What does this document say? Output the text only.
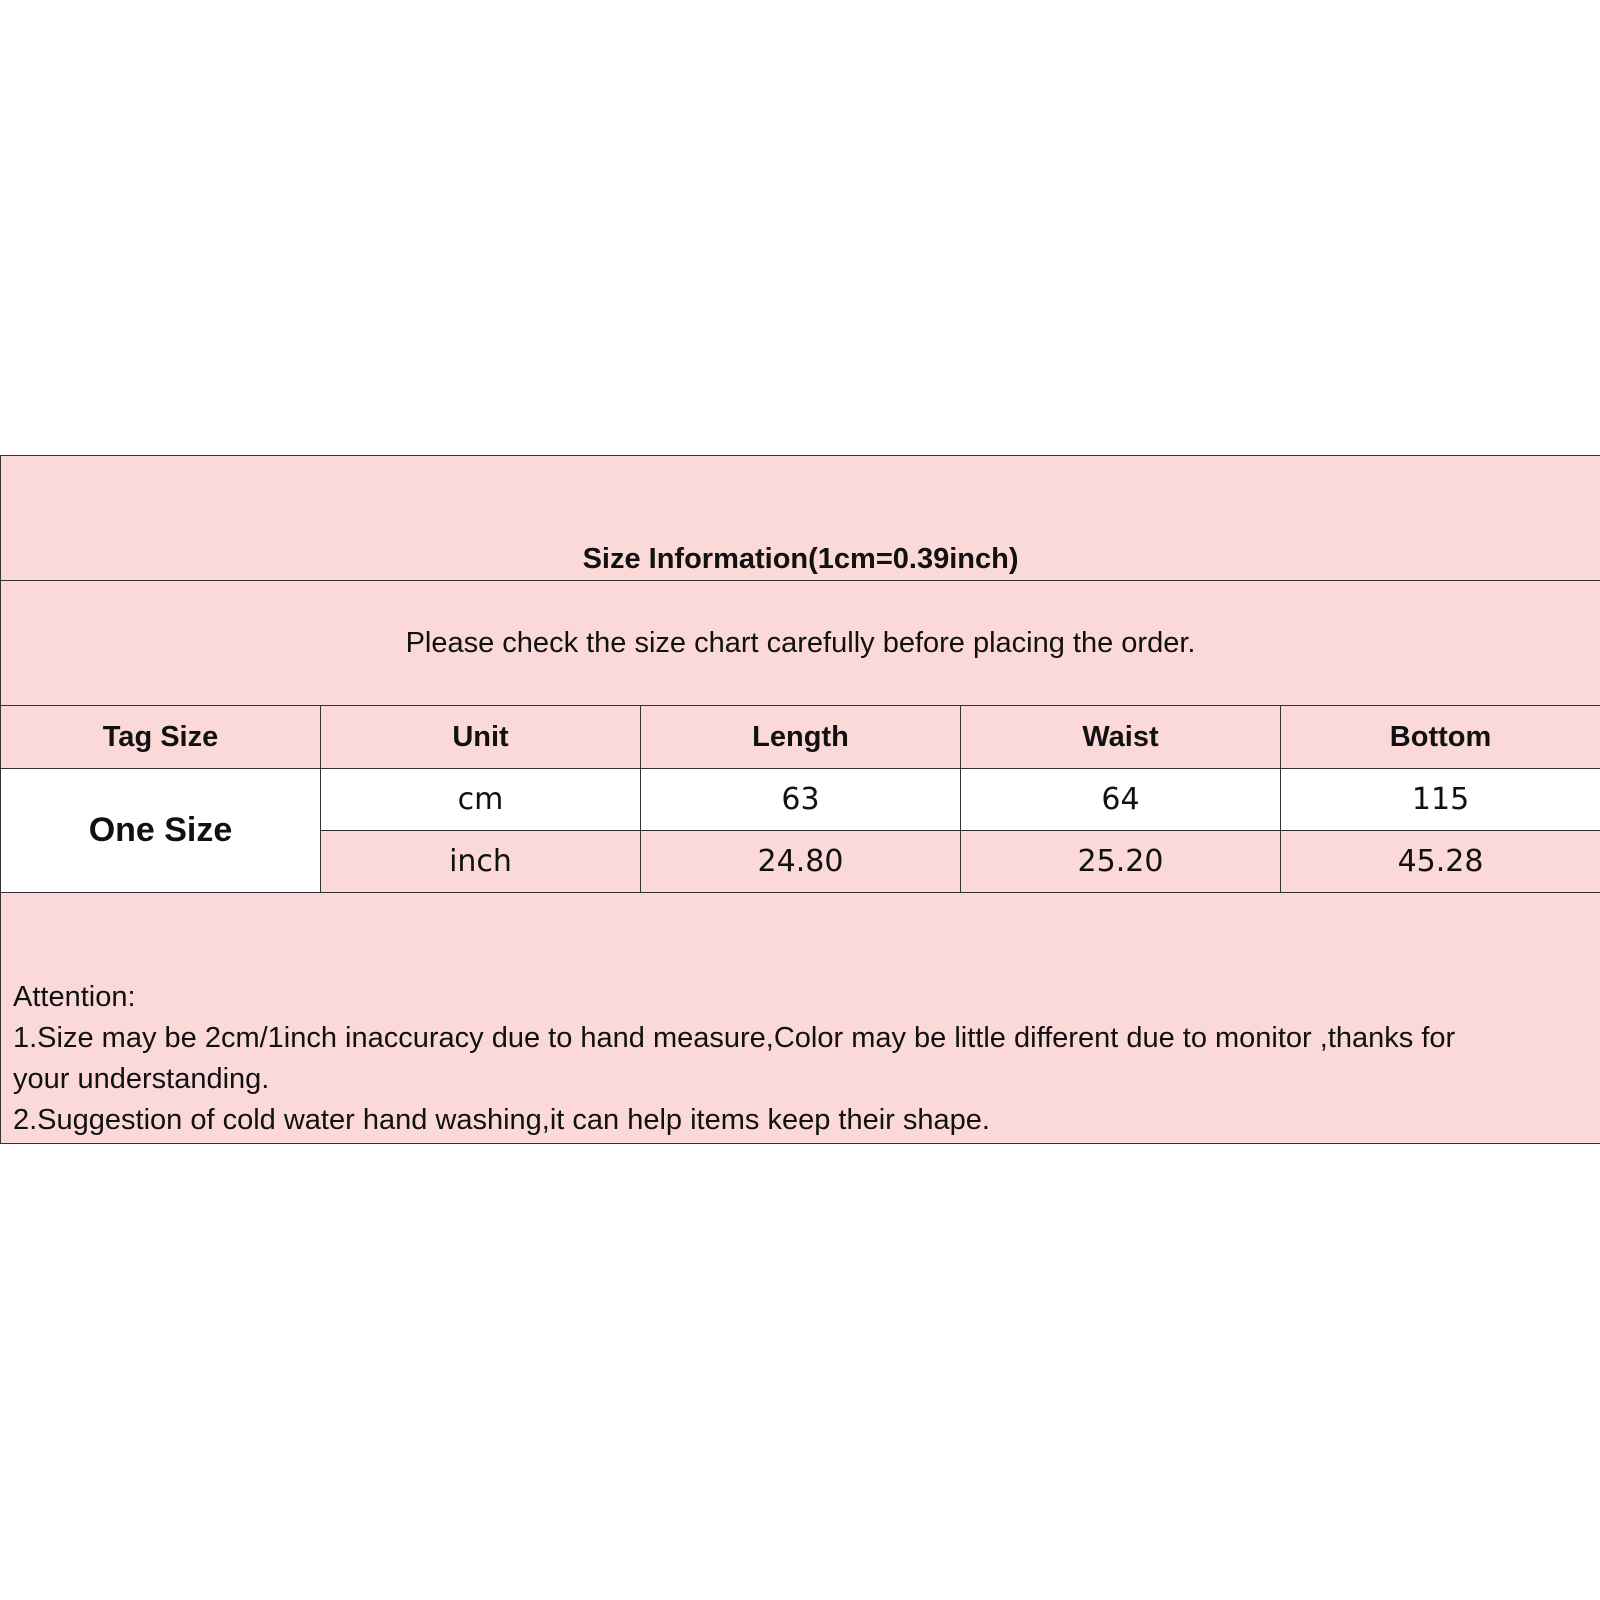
Size Information(1cm=0.39inch)				

Please check the size chart carefully before placing the order.				
Tag Size	Unit	Length	Waist	Bottom
One Size	cm	63	64	115
	inch	24.80	25.20	45.28

Attention:
1.Size may be 2cm/1inch inaccuracy due to hand measure,Color may be little different due to monitor ,thanks for
your understanding.
2.Suggestion of cold water hand washing,it can help items keep their shape.				
